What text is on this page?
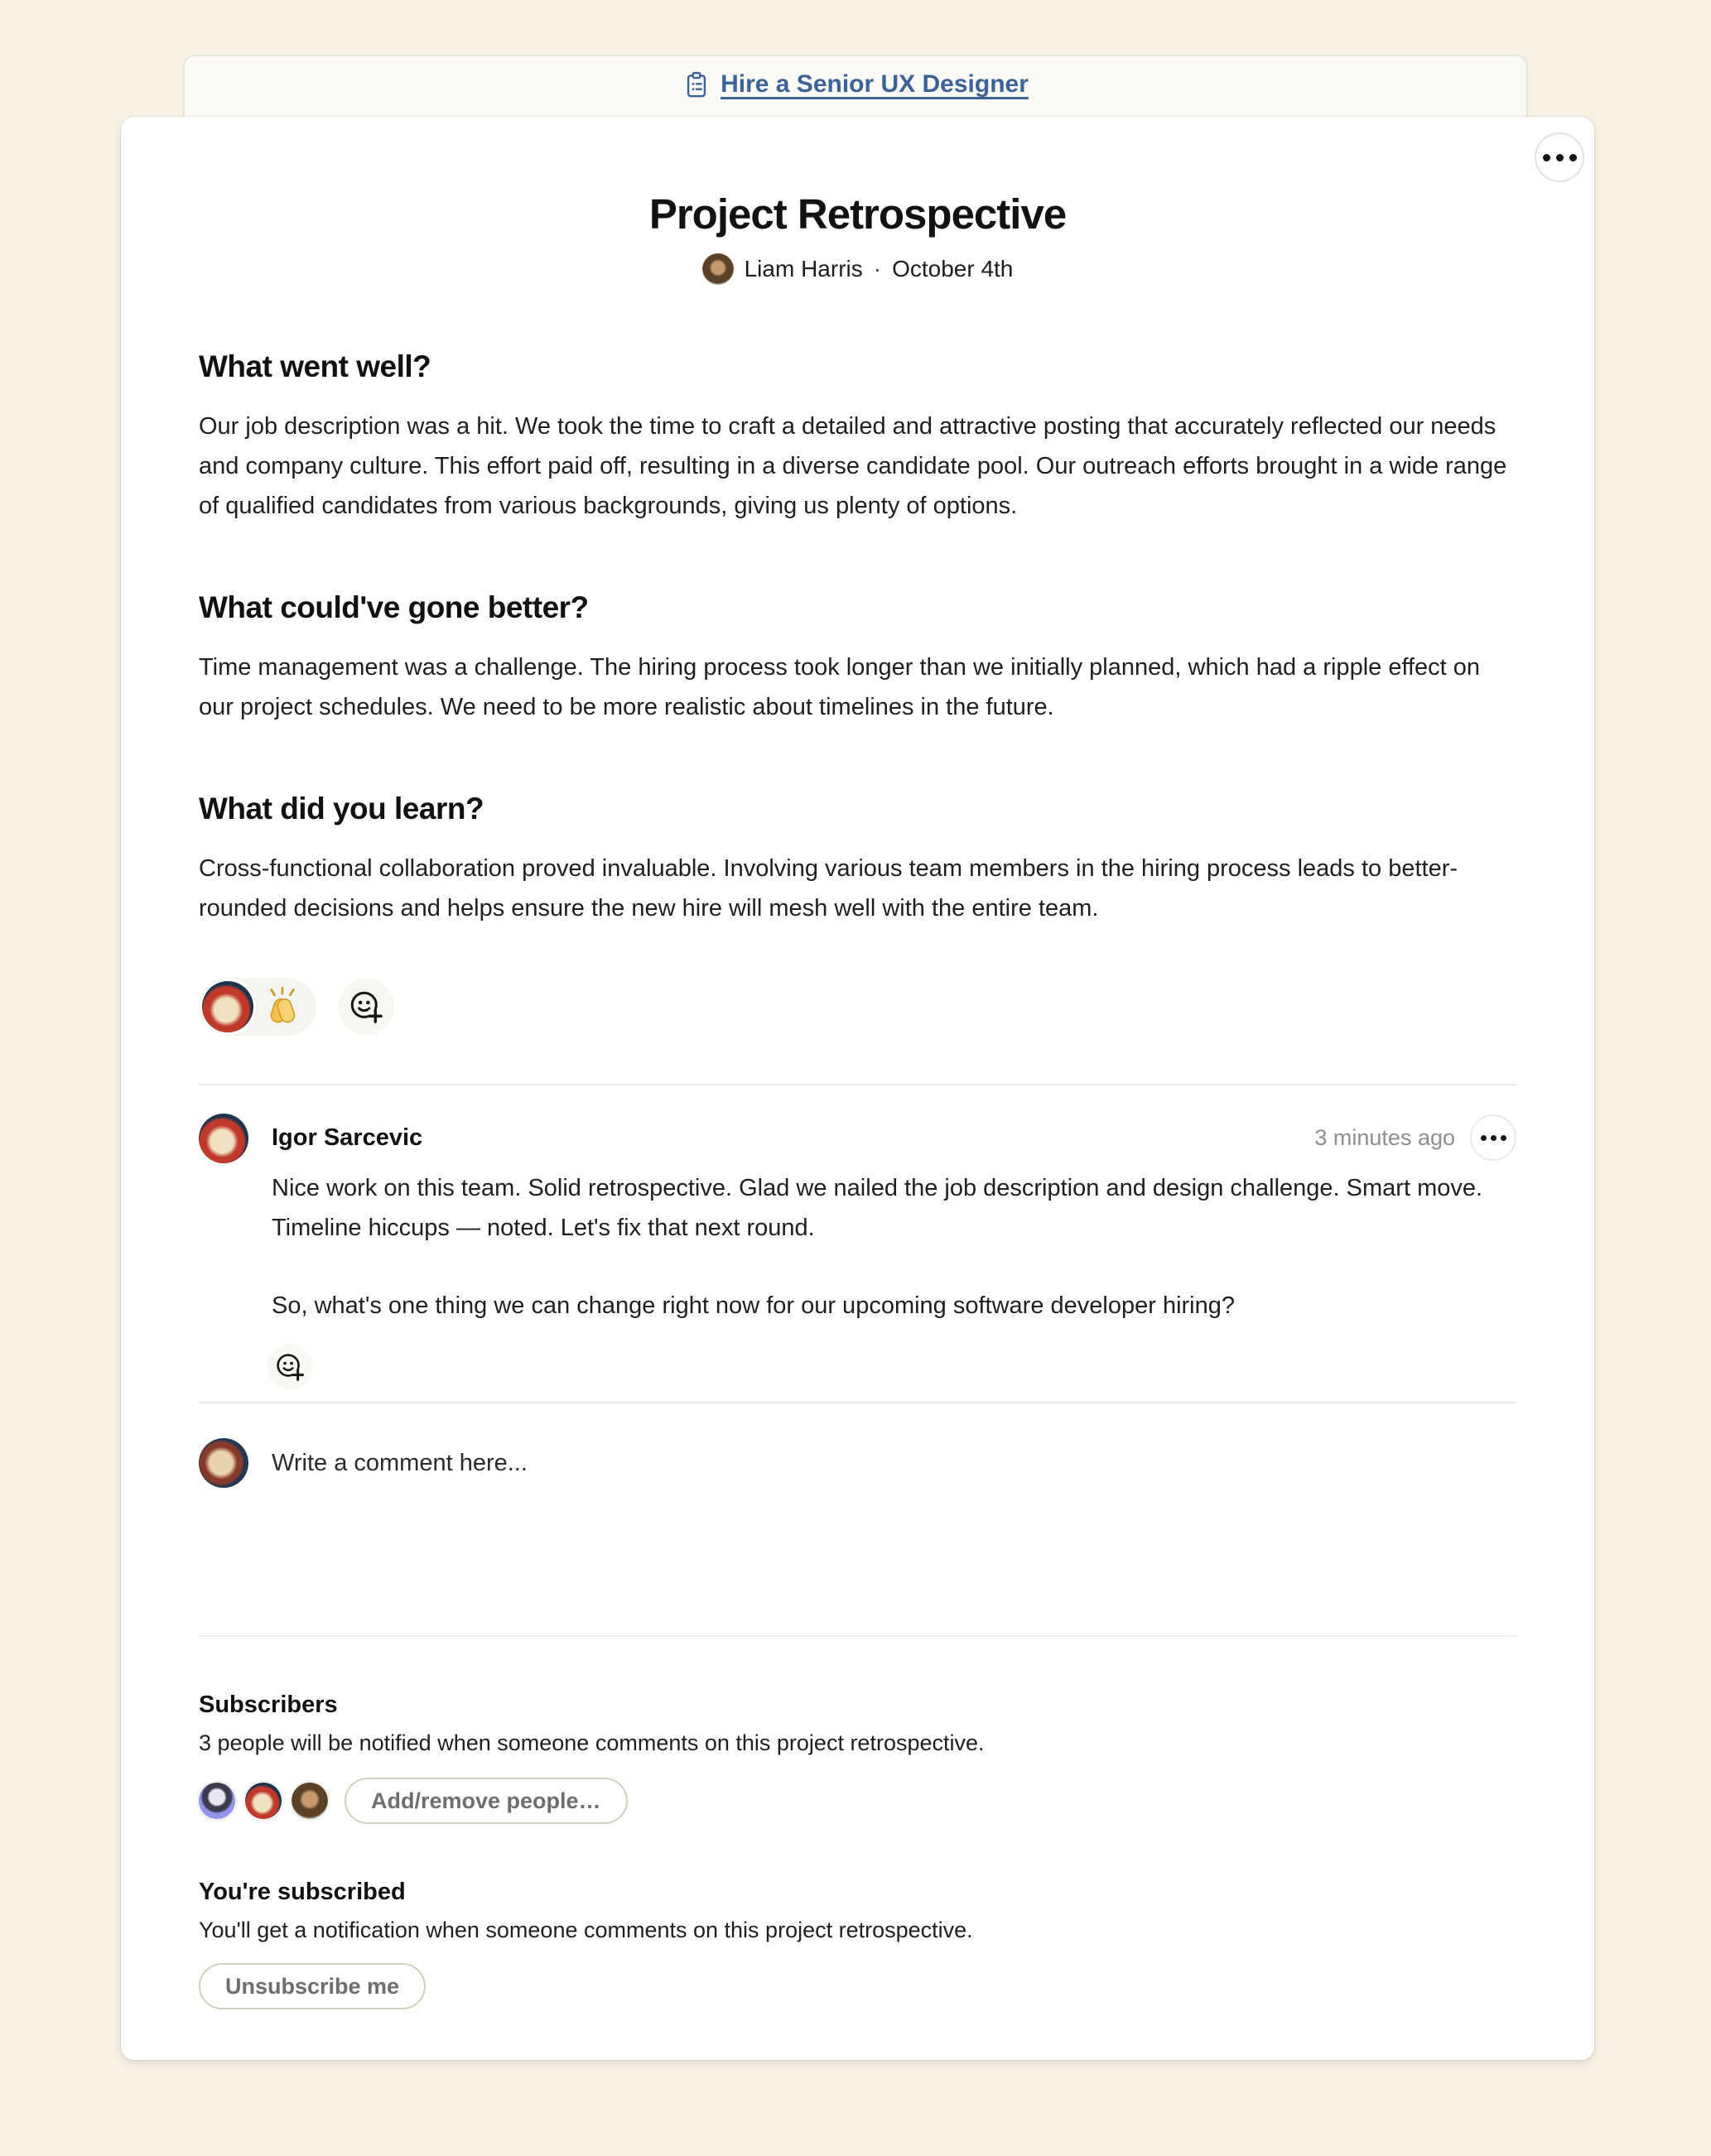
Hire a Senior UX Designer
Project Retrospective
Liam Harris · October 4th
What went well?

Our job description was a hit. We took the time to craft a detailed and attractive posting that accurately reflected our needs and company culture. This effort paid off, resulting in a diverse candidate pool. Our outreach efforts brought in a wide range of qualified candidates from various backgrounds, giving us plenty of options.

What could've gone better?

Time management was a challenge. The hiring process took longer than we initially planned, which had a ripple effect on our project schedules. We need to be more realistic about timelines in the future.

What did you learn?

Cross-functional collaboration proved invaluable. Involving various team members in the hiring process leads to better-rounded decisions and helps ensure the new hire will mesh well with the entire team.

Igor Sarcevic	3 minutes ago

Nice work on this team. Solid retrospective. Glad we nailed the job description and design challenge. Smart move. Timeline hiccups — noted. Let's fix that next round.

So, what's one thing we can change right now for our upcoming software developer hiring?

Write a comment here...
Subscribers

3 people will be notified when someone comments on this project retrospective.

Add/remove people…
You're subscribed

You'll get a notification when someone comments on this project retrospective.

Unsubscribe me
